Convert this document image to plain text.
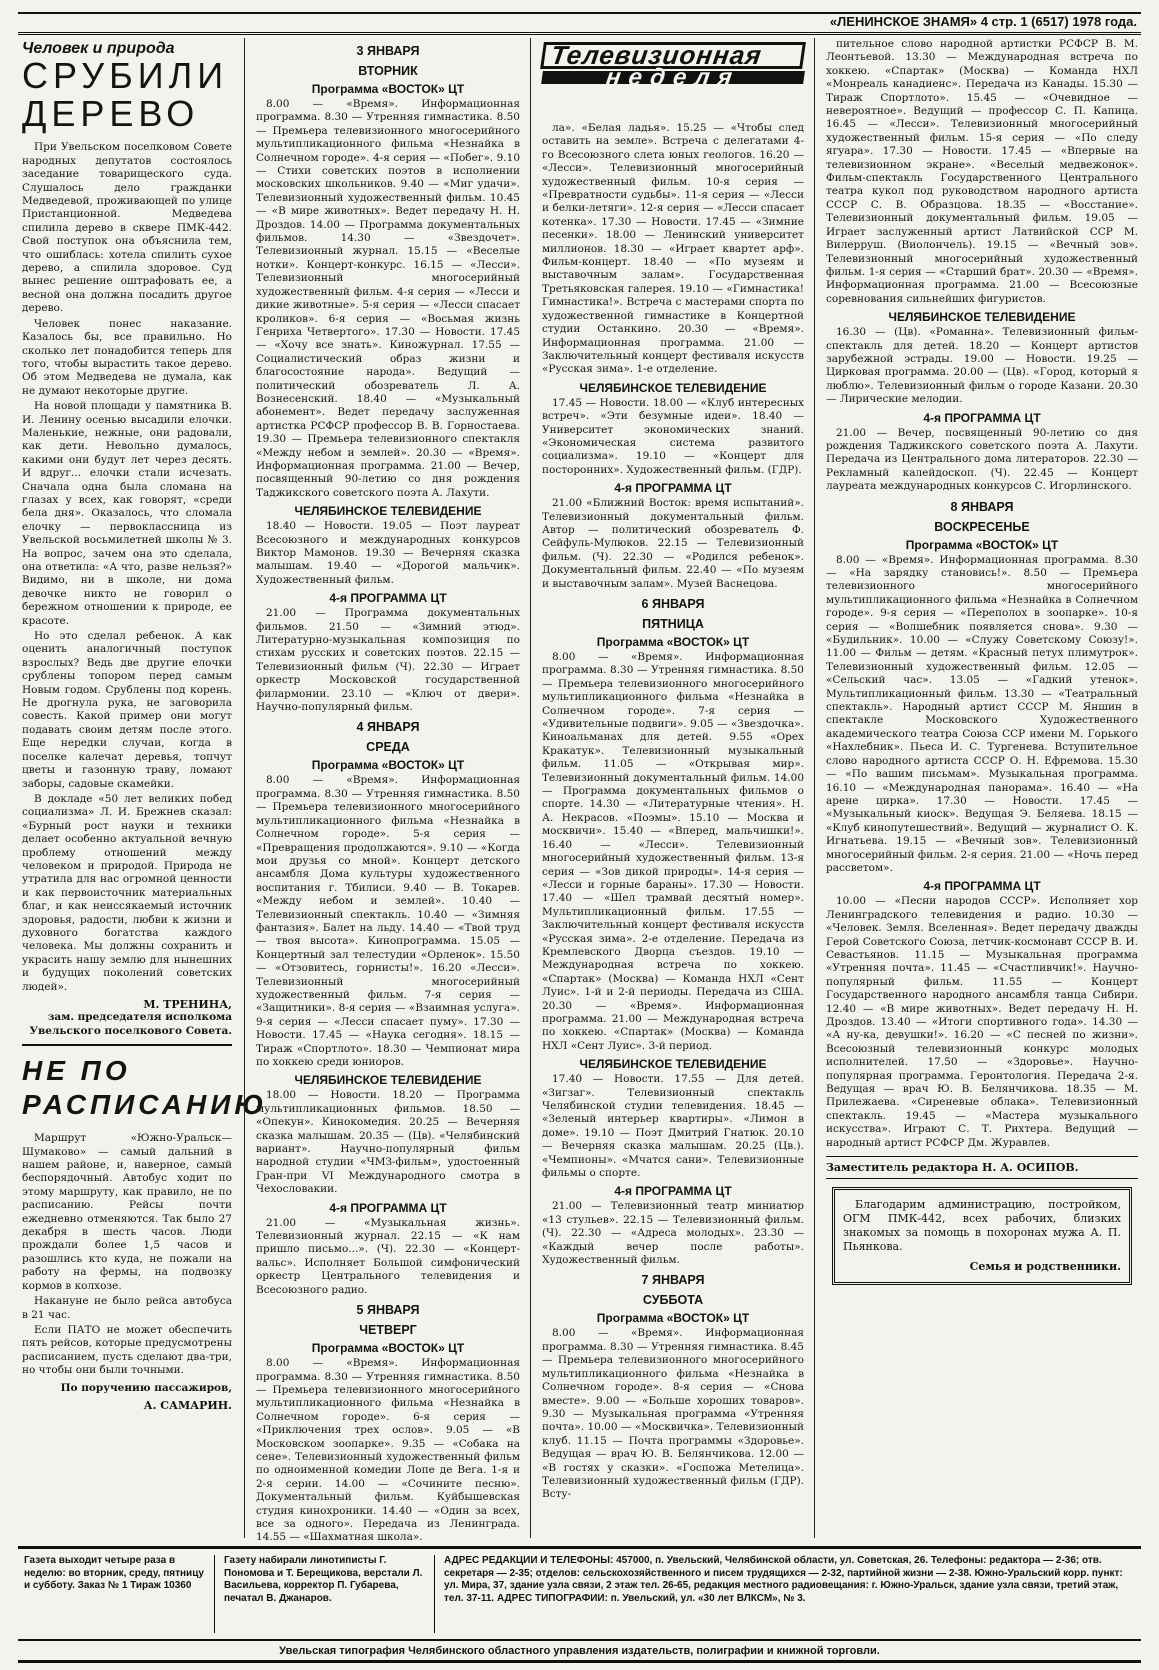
«ЛЕНИНСКОЕ ЗНАМЯ» 4 стр. 1 (6517) 1978 года.
Человек и природа
СРУБИЛИ
ДЕРЕВО

При Увельском поселковом Совете народных депутатов состоялось заседание товарищеского суда. Слушалось дело гражданки Медведевой, проживающей по улице Пристанционной. Медведева спилила дерево в сквере ПМК-442. Свой поступок она объяснила тем, что ошиблась: хотела спилить сухое дерево, а спилила здоровое. Суд вынес решение оштрафовать ее, а весной она должна посадить другое дерево.

Человек понес наказание. Казалось бы, все правильно. Но сколько лет понадобится теперь для того, чтобы вырастить такое дерево. Об этом Медведева не думала, как не думают некоторые другие.

На новой площади у памятника В. И. Ленину осенью высадили елочки. Маленькие, нежные, они радовали, как дети. Невольно думалось, какими они будут лет через десять. И вдруг... елочки стали исчезать. Сначала одна была сломана на глазах у всех, как говорят, «среди бела дня». Оказалось, что сломала елочку — первоклассница из Увельской восьмилетней школы № 3. На вопрос, зачем она это сделала, она ответила: «А что, разве нельзя?» Видимо, ни в школе, ни дома девочке никто не говорил о бережном отношении к природе, ее красоте.

Но это сделал ребенок. А как оценить аналогичный поступок взрослых? Ведь две другие елочки срублены топором перед самым Новым годом. Срублены под корень. Не дрогнула рука, не заговорила совесть. Какой пример они могут подавать своим детям после этого. Еще нередки случаи, когда в поселке калечат деревья, топчут цветы и газонную траву, ломают заборы, садовые скамейки.

В докладе «50 лет великих побед социализма» Л. И. Брежнев сказал: «Бурный рост науки и техники делает особенно актуальной вечную проблему отношений между человеком и природой. Природа не утратила для нас огромной ценности и как первоисточник материальных благ, и как неиссякаемый источник здоровья, радости, любви к жизни и духовного богатства каждого человека. Мы должны сохранить и украсить нашу землю для нынешних и будущих поколений советских людей».

М. ТРЕНИНА,
зам. председателя исполкома Увельского поселкового Совета.
НЕ ПО
РАСПИСАНИЮ

Маршрут «Южно-Уральск—Шумаково» — самый дальний в нашем районе, и, наверное, самый беспорядочный. Автобус ходит по этому маршруту, как правило, не по расписанию. Рейсы почти ежедневно отменяются. Так было 27 декабря в шесть часов. Люди прождали более 1,5 часов и разошлись кто куда, не пожали на работу на фермы, на подвозку кормов в колхозе.

Накануне не было рейса автобуса в 21 час.

Если ПАТО не может обеспечить пять рейсов, которые предусмотрены расписанием, пусть сделают два-три, но чтобы они были точными.

По поручению пассажиров,
А. САМАРИН.
3 ЯНВАРЯ
ВТОРНИК
Программа «ВОСТОК» ЦТ
8.00 — «Время». Информационная программа. 8.30 — Утренняя гимнастика. 8.50 — Премьера телевизионного многосерийного мультипликационного фильма «Незнайка в Солнечном городе». 4-я серия — «Побег». 9.10 — Стихи советских поэтов в исполнении московских школьников. 9.40 — «Миг удачи». Телевизионный художественный фильм. 10.45 — «В мире животных». Ведет передачу Н. Н. Дроздов. 14.00 — Программа документальных фильмов. 14.30 — «Звездочет». Телевизионный журнал. 15.15 — «Веселые нотки». Концерт-конкурс. 16.15 — «Лесси». Телевизионный многосерийный художественный фильм. 4-я серия — «Лесси и дикие животные». 5-я серия — «Лесси спасает кроликов». 6-я серия — «Восьмая жизнь Генриха Четвертого». 17.30 — Новости. 17.45 — «Хочу все знать». Киножурнал. 17.55 — Социалистический образ жизни и благосостояние народа». Ведущий — политический обозреватель Л. А. Вознесенский. 18.40 — «Музыкальный абонемент». Ведет передачу заслуженная артистка РСФСР профессор В. В. Горностаева. 19.30 — Премьера телевизионного спектакля «Между небом и землей». 20.30 — «Время». Информационная программа. 21.00 — Вечер, посвященный 90-летию со дня рождения Таджикского советского поэта А. Лахути.
ЧЕЛЯБИНСКОЕ ТЕЛЕВИДЕНИЕ
18.40 — Новости. 19.05 — Поэт лауреат Всесоюзного и международных конкурсов Виктор Мамонов. 19.30 — Вечерняя сказка малышам. 19.40 — «Дорогой мальчик». Художественный фильм.
4-я ПРОГРАММА ЦТ
21.00 — Программа документальных фильмов. 21.50 — «Зимний этюд». Литературно-музыкальная композиция по стихам русских и советских поэтов. 22.15 — Телевизионный фильм (Ч). 22.30 — Играет оркестр Московской государственной филармонии. 23.10 — «Ключ от двери». Научно-популярный фильм.
4 ЯНВАРЯ
СРЕДА
Программа «ВОСТОК» ЦТ
8.00 — «Время». Информационная программа. 8.30 — Утренняя гимнастика. 8.50 — Премьера телевизионного многосерийного мультипликационного фильма «Незнайка в Солнечном городе». 5-я серия — «Превращения продолжаются». 9.10 — «Когда мои друзья со мной». Концерт детского ансамбля Дома культуры художественного воспитания г. Тбилиси. 9.40 — В. Токарев. «Между небом и землей». 10.40 — Телевизионный спектакль. 10.40 — «Зимняя фантазия». Балет на льду. 14.40 — «Твой труд — твоя высота». Кинопрограмма. 15.05 — Концертный зал телестудии «Орленок». 15.50 — «Отзовитесь, горнисты!». 16.20 «Лесси». Телевизионный многосерийный художественный фильм. 7-я серия — «Защитники». 8-я серия — «Взаимная услуга». 9-я серия — «Лесси спасает пуму». 17.30 — Новости. 17.45 — «Наука сегодня». 18.15 — Тираж «Спортлото». 18.30 — Чемпионат мира по хоккею среди юниоров.
ЧЕЛЯБИНСКОЕ ТЕЛЕВИДЕНИЕ
18.00 — Новости. 18.20 — Программа мультипликационных фильмов. 18.50 — «Опекун». Кинокомедия. 20.25 — Вечерняя сказка малышам. 20.35 — (Цв). «Челябинский вариант». Научно-популярный фильм народной студии «ЧМЗ-фильм», удостоенный Гран-при VI Международного смотра в Чехословакии.
4-я ПРОГРАММА ЦТ
21.00 — «Музыкальная жизнь». Телевизионный журнал. 22.15 — «К нам пришло письмо...». (Ч). 22.30 — «Концерт-вальс». Исполняет Большой симфонический оркестр Центрального телевидения и Всесоюзного радио.
5 ЯНВАРЯ
ЧЕТВЕРГ
Программа «ВОСТОК» ЦТ
8.00 — «Время». Информационная программа. 8.30 — Утренняя гимнастика. 8.50 — Премьера телевизионного многосерийного мультипликационного фильма «Незнайка в Солнечном городе». 6-я серия — «Приключения трех ослов». 9.05 — «В Московском зоопарке». 9.35 — «Собака на сене». Телевизионный художественный фильм по одноименной комедии Лопе де Вега. 1-я и 2-я серии. 14.00 — «Сочините песню». Документальный фильм. Куйбышевская студия кинохроники. 14.40 — «Один за всех, все за одного». Передача из Ленинграда. 14.55 — «Шахматная школа».
Телевизионная
неделя
ла». «Белая ладья». 15.25 — «Чтобы след оставить на земле». Встреча с делегатами 4-го Всесоюзного слета юных геологов. 16.20 — «Лесси». Телевизионный многосерийный художественный фильм. 10-я серия — «Превратности судьбы». 11-я серия — «Лесси и белки-летяги». 12-я серия — «Лесси спасает котенка». 17.30 — Новости. 17.45 — «Зимние песенки». 18.00 — Ленинский университет миллионов. 18.30 — «Играет квартет арф». Фильм-концерт. 18.40 — «По музеям и выставочным залам». Государственная Третьяковская галерея. 19.10 — «Гимнастика! Гимнастика!». Встреча с мастерами спорта по художественной гимнастике в Концертной студии Останкино. 20.30 — «Время». Информационная программа. 21.00 — Заключительный концерт фестиваля искусств «Русская зима». 1-е отделение.
ЧЕЛЯБИНСКОЕ ТЕЛЕВИДЕНИЕ
17.45 — Новости. 18.00 — «Клуб интересных встреч». «Эти безумные идеи». 18.40 — Университет экономических знаний. «Экономическая система развитого социализма». 19.10 — «Концерт для посторонних». Художественный фильм. (ГДР).
4-я ПРОГРАММА ЦТ
21.00 «Ближний Восток: время испытаний». Телевизионный документальный фильм. Автор — политический обозреватель Ф. Сейфуль-Мулюков. 22.15 — Телевизионный фильм. (Ч). 22.30 — «Родился ребенок». Документальный фильм. 22.40 — «По музеям и выставочным залам». Музей Васнецова.
6 ЯНВАРЯ
ПЯТНИЦА
Программа «ВОСТОК» ЦТ
8.00 — «Время». Информационная программа. 8.30 — Утренняя гимнастика. 8.50 — Премьера телевизионного многосерийного мультипликационного фильма «Незнайка в Солнечном городе». 7-я серия — «Удивительные подвиги». 9.05 — «Звездочка». Киноальманах для детей. 9.55 «Орех Кракатук». Телевизионный музыкальный фильм. 11.05 — «Открывая мир». Телевизионный документальный фильм. 14.00 — Программа документальных фильмов о спорте. 14.30 — «Литературные чтения». Н. А. Некрасов. «Поэмы». 15.10 — Москва и москвичи». 15.40 — «Вперед, мальчишки!». 16.40 — «Лесси». Телевизионный многосерийный художественный фильм. 13-я серия — «Зов дикой природы». 14-я серия — «Лесси и горные бараны». 17.30 — Новости. 17.40 — «Шел трамвай десятый номер». Мультипликационный фильм. 17.55 — Заключительный концерт фестиваля искусств «Русская зима». 2-е отделение. Передача из Кремлевского Дворца съездов. 19.10 — Международная встреча по хоккею. «Спартак» (Москва) — Команда НХЛ «Сент Луис». 1-й и 2-й периоды. Передача из США. 20.30 — «Время». Информационная программа. 21.00 — Международная встреча по хоккею. «Спартак» (Москва) — Команда НХЛ «Сент Луис». 3-й период.
ЧЕЛЯБИНСКОЕ ТЕЛЕВИДЕНИЕ
17.40 — Новости. 17.55 — Для детей. «Зигзаг». Телевизионный спектакль Челябинской студии телевидения. 18.45 — «Зеленый интерьер квартиры». «Лимон в доме». 19.10 — Поэт Дмитрий Гнатюк. 20.10 — Вечерняя сказка малышам. 20.25 (Цв.). «Чемпионы». «Мчатся сани». Телевизионные фильмы о спорте.
4-я ПРОГРАММА ЦТ
21.00 — Телевизионный театр миниатюр «13 стульев». 22.15 — Телевизионный фильм. (Ч). 22.30 — «Адреса молодых». 23.30 — «Каждый вечер после работы». Художественный фильм.
7 ЯНВАРЯ
СУББОТА
Программа «ВОСТОК» ЦТ
8.00 — «Время». Информационная программа. 8.30 — Утренняя гимнастика. 8.45 — Премьера телевизионного многосерийного мультипликационного фильма «Незнайка в Солнечном городе». 8-я серия — «Снова вместе». 9.00 — «Больше хороших товаров». 9.30 — Музыкальная программа «Утренняя почта». 10.00 — «Москвичка». Телевизионный клуб. 11.15 — Почта программы «Здоровье». Ведущая — врач Ю. В. Белянчикова. 12.00 — «В гостях у сказки». «Госпожа Метелица». Телевизионный художественный фильм (ГДР). Всту-
пительное слово народной артистки РСФСР В. М. Леонтьевой. 13.30 — Международная встреча по хоккею. «Спартак» (Москва) — Команда НХЛ «Монреаль канадиенс». Передача из Канады. 15.30 — Тираж Спортлото». 15.45 — «Очевидное — невероятное». Ведущий — профессор С. П. Капица. 16.45 — «Лесси». Телевизионный многосерийный художественный фильм. 15-я серия — «По следу ягуара». 17.30 — Новости. 17.45 — «Впервые на телевизионном экране». «Веселый медвежонок». Фильм-спектакль Государственного Центрального театра кукол под руководством народного артиста СССР С. В. Образцова. 18.35 — «Восстание». Телевизионный документальный фильм. 19.05 — Играет заслуженный артист Латвийской ССР М. Вилерруш. (Виолончель). 19.15 — «Вечный зов». Телевизионный многосерийный художественный фильм. 1-я серия — «Старший брат». 20.30 — «Время». Информационная программа. 21.00 — Всесоюзные соревнования сильнейших фигуристов.
ЧЕЛЯБИНСКОЕ ТЕЛЕВИДЕНИЕ
16.30 — (Цв). «Романна». Телевизионный фильм-спектакль для детей. 18.20 — Концерт артистов зарубежной эстрады. 19.00 — Новости. 19.25 — Цирковая программа. 20.00 — (Цв). «Город, который я люблю». Телевизионный фильм о городе Казани. 20.30 — Лирические мелодии.
4-я ПРОГРАММА ЦТ
21.00 — Вечер, посвященный 90-летию со дня рождения Таджикского советского поэта А. Лахути. Передача из Центрального дома литераторов. 22.30 — Рекламный калейдоскоп. (Ч). 22.45 — Концерт лауреата международных конкурсов С. Игорлинского.
8 ЯНВАРЯ
ВОСКРЕСЕНЬЕ
Программа «ВОСТОК» ЦТ
8.00 — «Время». Информационная программа. 8.30 — «На зарядку становись!». 8.50 — Премьера телевизионного многосерийного мультипликационного фильма «Незнайка в Солнечном городе». 9-я серия — «Переполох в зоопарке». 10-я серия — «Волшебник появляется снова». 9.30 — «Будильник». 10.00 — «Служу Советскому Союзу!». 11.00 — Фильм — детям. «Красный петух плимутрок». Телевизионный художественный фильм. 12.05 — «Сельский час». 13.05 — «Гадкий утенок». Мультипликационный фильм. 13.30 — «Театральный спектакль». Народный артист СССР М. Яншин в спектакле Московского Художественного академического театра Союза ССР имени М. Горького «Нахлебник». Пьеса И. С. Тургенева. Вступительное слово народного артиста СССР О. Н. Ефремова. 15.30 — «По вашим письмам». Музыкальная программа. 16.10 — «Международная панорама». 16.40 — «На арене цирка». 17.30 — Новости. 17.45 — «Музыкальный киоск». Ведущая Э. Беляева. 18.15 — «Клуб кинопутешествий». Ведущий — журналист О. К. Игнатьева. 19.15 — «Вечный зов». Телевизионный многосерийный фильм. 2-я серия. 21.00 — «Ночь перед рассветом».
4-я ПРОГРАММА ЦТ
10.00 — «Песни народов СССР». Исполняет хор Ленинградского телевидения и радио. 10.30 — «Человек. Земля. Вселенная». Ведет передачу дважды Герой Советского Союза, летчик-космонавт СССР В. И. Севастьянов. 11.15 — Музыкальная программа «Утренняя почта». 11.45 — «Счастливчик!». Научно-популярный фильм. 11.55 — Концерт Государственного народного ансамбля танца Сибири. 12.40 — «В мире животных». Ведет передачу Н. Н. Дроздов. 13.40 — «Итоги спортивного года». 14.30 — «А ну-ка, девушки!». 16.20 — «С песней по жизни». Всесоюзный телевизионный конкурс молодых исполнителей. 17.50 — «Здоровье». Научно-популярная программа. Геронтология. Передача 2-я. Ведущая — врач Ю. В. Белянчикова. 18.35 — М. Прилежаева. «Сиреневые облака». Телевизионный спектакль. 19.45 — «Мастера музыкального искусства». Играют С. Т. Рихтера. Ведущий — народный артист РСФСР Дм. Журавлев.
Заместитель редактора Н. А. ОСИПОВ.

Благодарим администрацию, постройком, ОГМ ПМК-442, всех рабочих, близких знакомых за помощь в похоронах мужа А. П. Пьянкова.

Семья и родственники.
Газета выходит четыре раза в неделю: во вторник, среду, пятницу и субботу. Заказ № 1 Тираж 10360
Газету набирали линотиписты Г. Пономова и Т. Берещикова, верстали Л. Васильева, корректор П. Губарева, печатал В. Джанаров.
АДРЕС РЕДАКЦИИ И ТЕЛЕФОНЫ: 457000, п. Увельский, Челябинской области, ул. Советская, 26. Телефоны: редактора — 2-36; отв. секретаря — 2-35; отделов: сельскохозяйственного и писем трудящихся — 2-32, партийной жизни — 2-38. Южно-Уральский корр. пункт: ул. Мира, 37, здание узла связи, 2 этаж тел. 26-65, редакция местного радиовещания: г. Южно-Уральск, здание узла связи, третий этаж, тел. 37-11. АДРЕС ТИПОГРАФИИ: п. Увельский, ул. «30 лет ВЛКСМ», № 3.
Увельская типография Челябинского областного управления издательств, полиграфии и книжной торговли.
